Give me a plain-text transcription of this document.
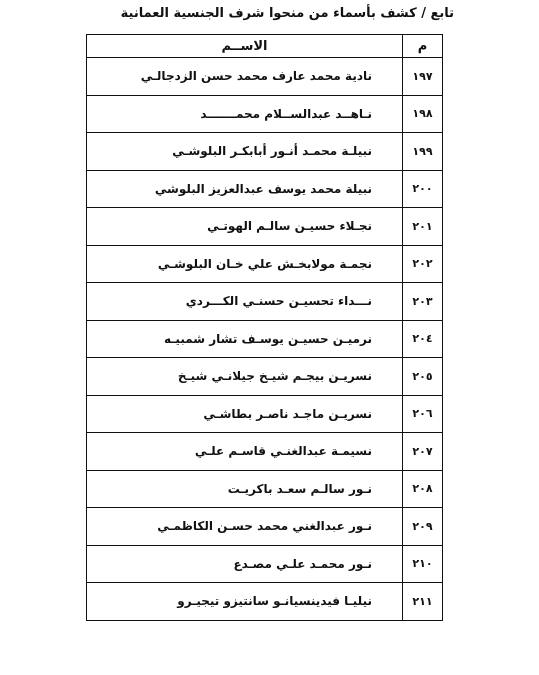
تابع / كشف بأسماء من منحوا شرف الجنسية العمانية
م	الاســم
١٩٧	نادية محمد عارف محمد حسن الزدجالـي
١٩٨	نـاهــد عبدالســلام محمـــــــد
١٩٩	نبيلـة محمـد أنـور أبابكـر البلوشـي
٢٠٠	نبيلة محمد يوسف عبدالعزيز البلوشي
٢٠١	نجـلاء حسيـن سالـم الهوتـي
٢٠٢	نجمـة مولابخـش علي خـان البلوشـي
٢٠٣	نـــداء تحسيـن حسنـي الكـــردي
٢٠٤	نرميـن حسيـن يوسـف تشار شمبيـه
٢٠٥	نسريـن بيجـم شيـخ جيلانـي شيـخ
٢٠٦	نسريـن ماجـد ناصـر بطاشـي
٢٠٧	نسيمـة عبدالغنـي قاسـم علـي
٢٠٨	نـور سالـم سعـد باكريـت
٢٠٩	نـور عبدالغني محمد حسـن الكاظمـي
٢١٠	نـور محمـد علـي مصـدع
٢١١	نيليـا فيدينسيانـو سانتيزو تيجيـرو
